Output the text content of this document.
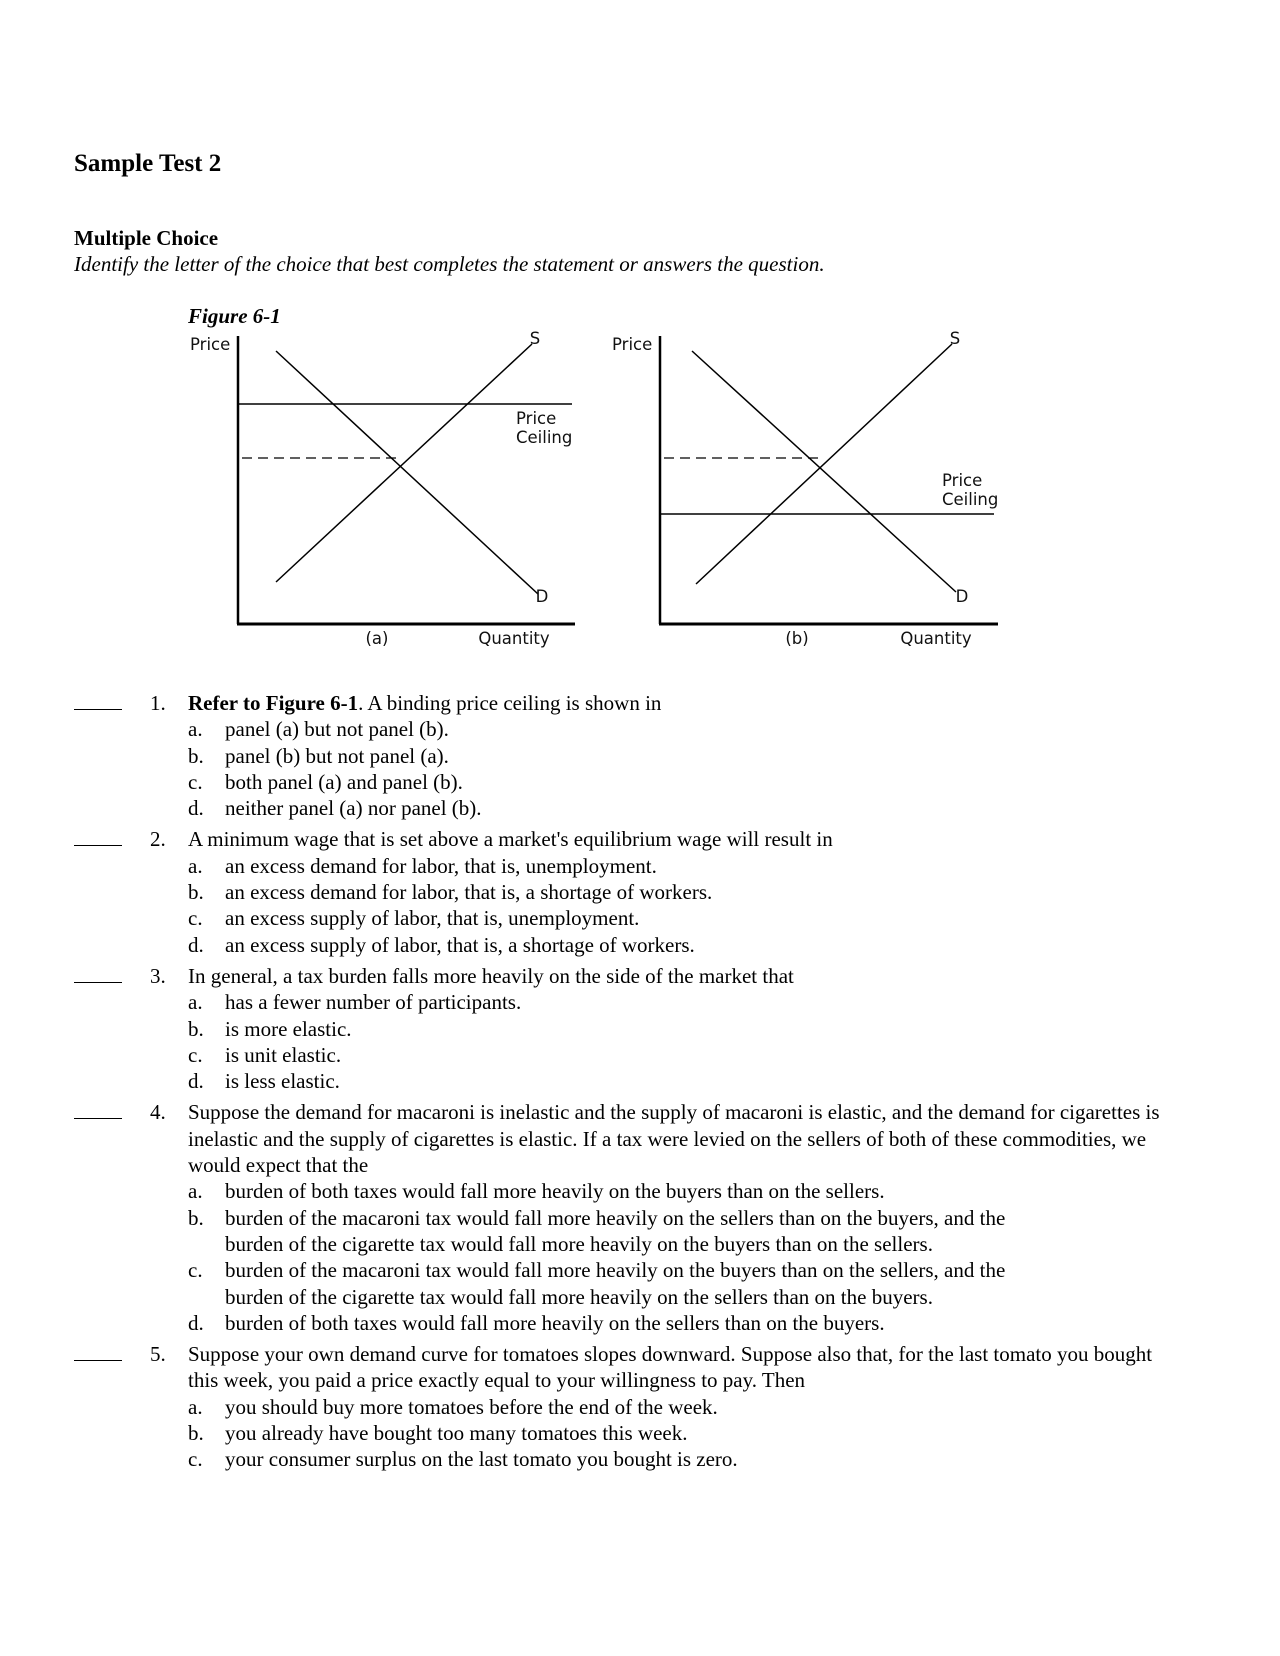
Sample Test 2
Multiple Choice
Identify the letter of the choice that best completes the statement or answers the question.
Figure 6-1
Price	S
D
Price
Ceiling
(a)	Quantity
Price	S
D
Price
Ceiling
(b)	Quantity
1. Refer to Figure 6-1. A binding price ceiling is shown in
a. panel (a) but not panel (b).
b. panel (b) but not panel (a).
c. both panel (a) and panel (b).
d. neither panel (a) nor panel (b).
2. A minimum wage that is set above a market's equilibrium wage will result in
a. an excess demand for labor, that is, unemployment.
b. an excess demand for labor, that is, a shortage of workers.
c. an excess supply of labor, that is, unemployment.
d. an excess supply of labor, that is, a shortage of workers.
3. In general, a tax burden falls more heavily on the side of the market that
a. has a fewer number of participants.
b. is more elastic.
c. is unit elastic.
d. is less elastic.
4. Suppose the demand for macaroni is inelastic and the supply of macaroni is elastic, and the demand for cigarettes is inelastic and the supply of cigarettes is elastic. If a tax were levied on the sellers of both of these commodities, we would expect that the
a. burden of both taxes would fall more heavily on the buyers than on the sellers.
b. burden of the macaroni tax would fall more heavily on the sellers than on the buyers, and the burden of the cigarette tax would fall more heavily on the buyers than on the sellers.
c. burden of the macaroni tax would fall more heavily on the buyers than on the sellers, and the burden of the cigarette tax would fall more heavily on the sellers than on the buyers.
d. burden of both taxes would fall more heavily on the sellers than on the buyers.
5. Suppose your own demand curve for tomatoes slopes downward. Suppose also that, for the last tomato you bought this week, you paid a price exactly equal to your willingness to pay. Then
a. you should buy more tomatoes before the end of the week.
b. you already have bought too many tomatoes this week.
c. your consumer surplus on the last tomato you bought is zero.
